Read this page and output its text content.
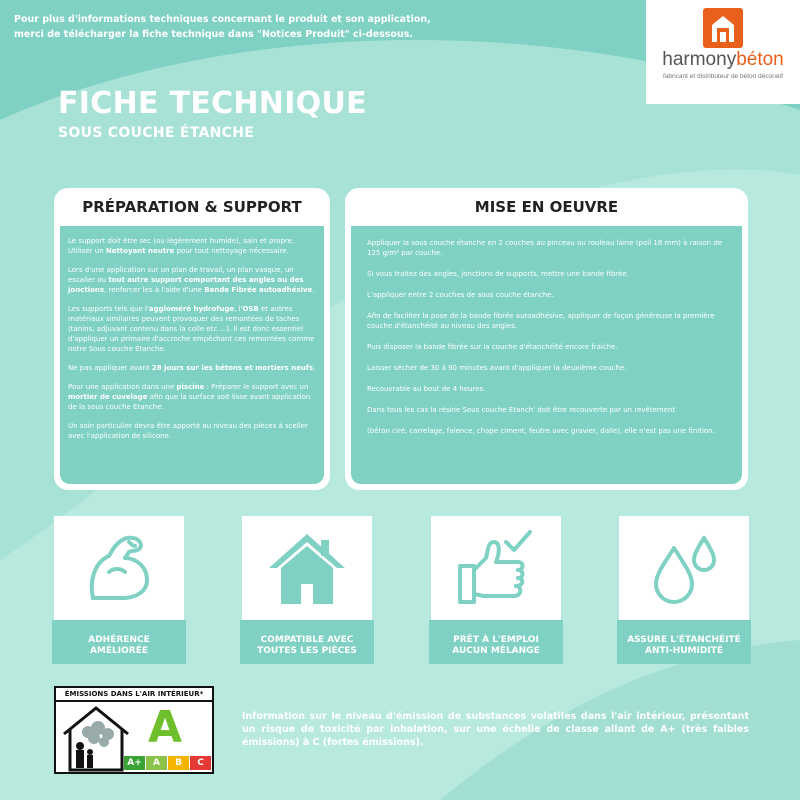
Pour plus d'informations techniques concernant le produit et son application,
merci de télécharger la fiche technique dans "Notices Produit" ci-dessous.
harmonybéton
fabricant et distributeur de béton décoratif
FICHE TECHNIQUE
SOUS COUCHE ÉTANCHE
PRÉPARATION & SUPPORT

Le support doit être sec (ou légèrement humide), sain et propre. Utiliser un Nettoyant neutre pour tout nettoyage nécessaire.

Lors d'une application sur un plan de travail, un plan vasque, un escalier ou tout autre support comportant des angles ou des jonctions, renforcer les à l'aide d'une Bande Fibrée autoadhésive.

Les supports tels que l'aggloméré hydrofuge, l'OSB et autres matériaux similaires peuvent provoquer des remontées de taches (tanins, adjuvant contenu dans la colle etc ...). Il est donc essentiel d'appliquer un primaire d'accroche empêchant ces remontées comme notre Sous couche Étanche.

Ne pas appliquer avant 28 jours sur les bétons et mortiers neufs.

Pour une application dans une piscine : Préparer le support avec un mortier de cuvelage afin que la surface soit lisse avant application de la sous couche Etanche.

Un soin particulier devra être apporté au niveau des pièces à sceller avec l'application de silicone.

MISE EN OEUVRE

Appliquer la sous couche étanche en 2 couches au pinceau ou rouleau laine (poil 18 mm) à raison de 125 g/m² par couche.

Si vous traitez des angles, jonctions de supports, mettre une bande fibrée.

L'appliquer entre 2 couches de sous couche étanche.

Afin de faciliter la pose de la bande fibrée autoadhésive, appliquer de façon généreuse la première couche d'étanchéité au niveau des angles.

Puis disposer la bande fibrée sur la couche d'étanchéité encore fraiche.

Laisser sécher de 30 à 90 minutes avant d'appliquer la deuxième couche.

Recouvrable au bout de 4 heures.

Dans tous les cas la résine Sous couche Etanch' doit être recouverte par un revêtement

(béton ciré, carrelage, faïence, chape ciment, feutre avec gravier, dalle), elle n'est pas une finition.

ADHÉRENCE
AMÉLIORÉE
COMPATIBLE AVEC
TOUTES LES PIÈCES
PRÊT À L'EMPLOI
AUCUN MÉLANGE
ASSURE L'ÉTANCHÉITÉ
ANTI-HUMIDITÉ
ÉMISSIONS DANS L'AIR INTÉRIEUR*
A
A+	A	B	C
Information sur le niveau d'émission de substances volatiles dans l'air intérieur, présentant un risque de toxicité par inhalation, sur une échelle de classe allant de A+ (très faibles émissions) à C (fortes émissions).
